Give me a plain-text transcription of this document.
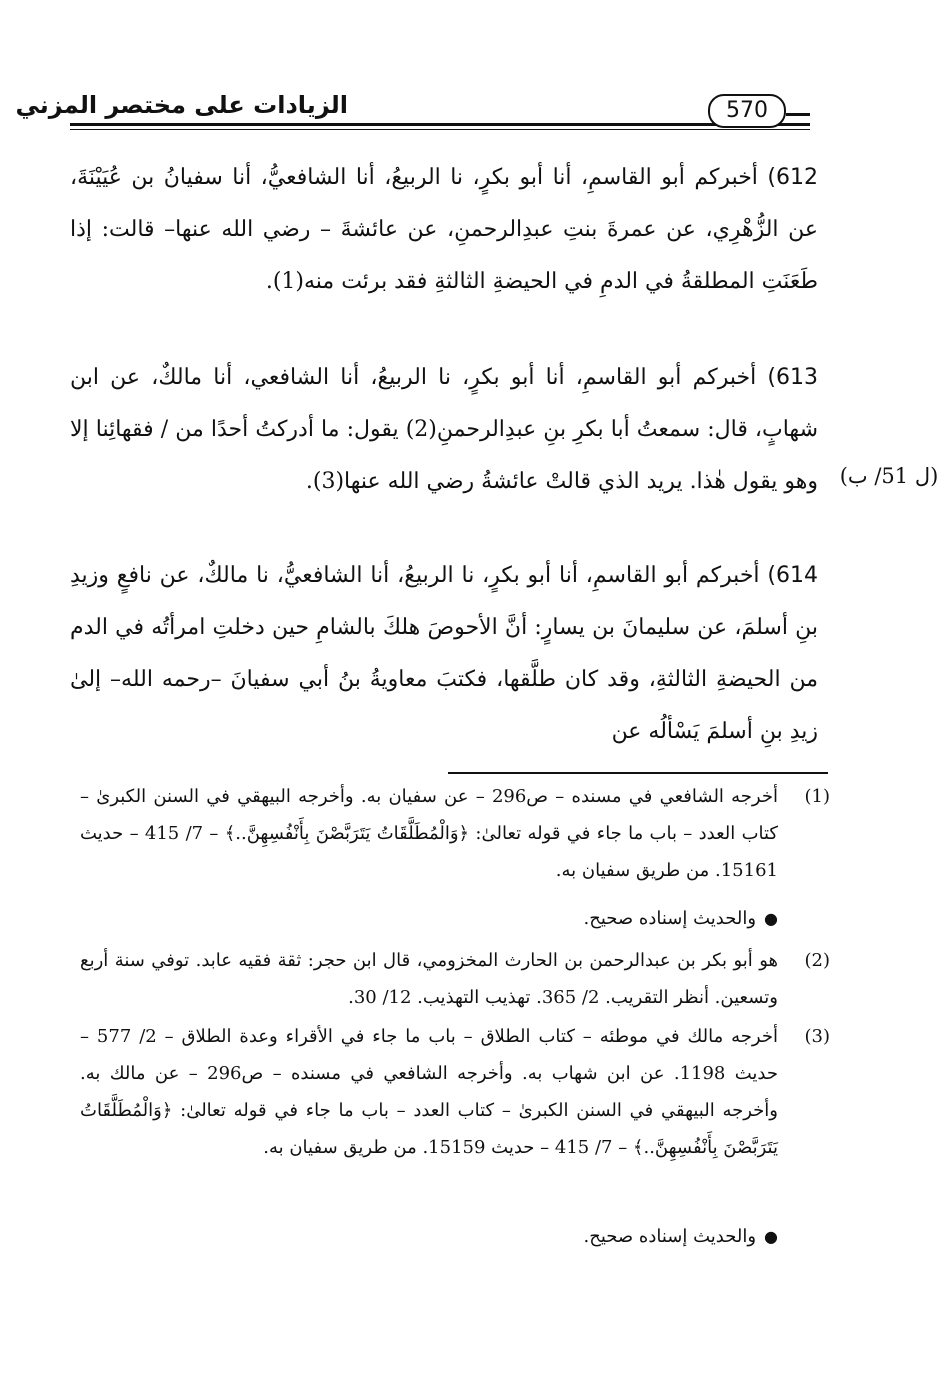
الزيادات على مختصر المزني	570
612) أخبركم أبو القاسمِ، أنا أبو بكرٍ، نا الربيعُ، أنا الشافعيُّ، أنا سفيانُ بن عُيَيْنَةَ، عن الزُّهْرِي، عن عمرةَ بنتِ عبدِالرحمنِ، عن عائشةَ – رضي الله عنها– قالت: إذا طَعَنَتِ المطلقةُ في الدمِ في الحيضةِ الثالثةِ فقد برئت منه(1).
613) أخبركم أبو القاسمِ، أنا أبو بكرٍ، نا الربيعُ، أنا الشافعي، أنا مالكٌ، عن ابن شهابٍ، قال: سمعتُ أبا بكرِ بنِ عبدِالرحمنِ(2) يقول: ما أدركتُ أحدًا من / فقهائِنا إلا وهو يقول هٰذا. يريد الذي قالتْ عائشةُ رضي الله عنها(3). (ل 51/ ب)
614) أخبركم أبو القاسمِ، أنا أبو بكرٍ، نا الربيعُ، أنا الشافعيُّ، نا مالكٌ، عن نافعٍ وزيدِ بنِ أسلمَ، عن سليمانَ بن يسارٍ: أنَّ الأحوصَ هلكَ بالشامِ حين دخلتِ امرأتُه في الدم من الحيضةِ الثالثةِ، وقد كان طلَّقها، فكتبَ معاويةُ بنُ أبي سفيانَ –رحمه الله– إلىٰ زيدِ بنِ أسلمَ يَسْألُه عن
(1)
أخرجه الشافعي في مسنده – ص296 – عن سفيان به. وأخرجه البيهقي في السنن الكبرىٰ – كتاب العدد – باب ما جاء في قوله تعالىٰ: ﴿وَالْمُطَلَّقَاتُ يَتَرَبَّصْنَ بِأَنْفُسِهِنَّ..﴾ – 7/ 415 – حديث 15161. من طريق سفيان به.
●والحديث إسناده صحيح.
(2)
هو أبو بكر بن عبدالرحمن بن الحارث المخزومي، قال ابن حجر: ثقة فقيه عابد. توفي سنة أربع وتسعين. أنظر التقريب. 2/ 365. تهذيب التهذيب. 12/ 30.
(3)
أخرجه مالك في موطئه – كتاب الطلاق – باب ما جاء في الأقراء وعدة الطلاق – 2/ 577 – حديث 1198. عن ابن شهاب به. وأخرجه الشافعي في مسنده – ص296 – عن مالك به. وأخرجه البيهقي في السنن الكبرىٰ – كتاب العدد – باب ما جاء في قوله تعالىٰ: ﴿وَالْمُطَلَّقَاتُ يَتَرَبَّصْنَ بِأَنْفُسِهِنَّ..﴾ – 7/ 415 – حديث 15159. من طريق سفيان به.
●والحديث إسناده صحيح.
